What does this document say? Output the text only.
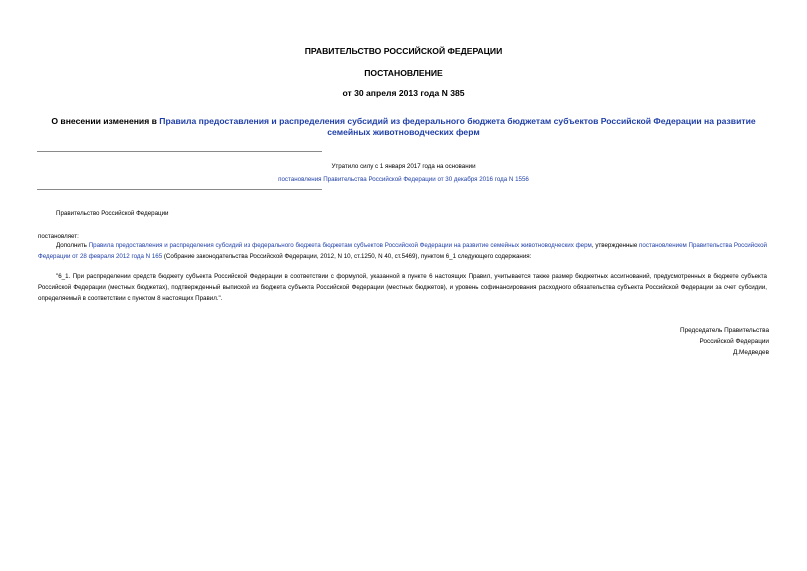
ПРАВИТЕЛЬСТВО РОССИЙСКОЙ ФЕДЕРАЦИИ
ПОСТАНОВЛЕНИЕ
от 30 апреля 2013 года N 385
О внесении изменения в Правила предоставления и распределения субсидий из федерального бюджета бюджетам субъектов Российской Федерации на развитие семейных животноводческих ферм
Утратило силу с 1 января 2017 года на основании
постановления Правительства Российской Федерации от 30 декабря 2016 года N 1556
Правительство Российской Федерации
постановляет:
Дополнить Правила предоставления и распределения субсидий из федерального бюджета бюджетам субъектов Российской Федерации на развитие семейных животноводческих ферм, утвержденные постановлением Правительства Российской Федерации от 28 февраля 2012 года N 165 (Собрание законодательства Российской Федерации, 2012, N 10, ст.1250, N 40, ст.5469), пунктом 6_1 следующего содержания:
"6_1. При распределении средств бюджету субъекта Российской Федерации в соответствии с формулой, указанной в пункте 6 настоящих Правил, учитывается также размер бюджетных ассигнований, предусмотренных в бюджете субъекта Российской Федерации (местных бюджетах), подтвержденный выпиской из бюджета субъекта Российской Федерации (местных бюджетов), и уровень софинансирования расходного обязательства субъекта Российской Федерации за счет субсидии, определяемый в соответствии с пунктом 8 настоящих Правил.".
Председатель Правительства
Российской Федерации
Д.Медведев
